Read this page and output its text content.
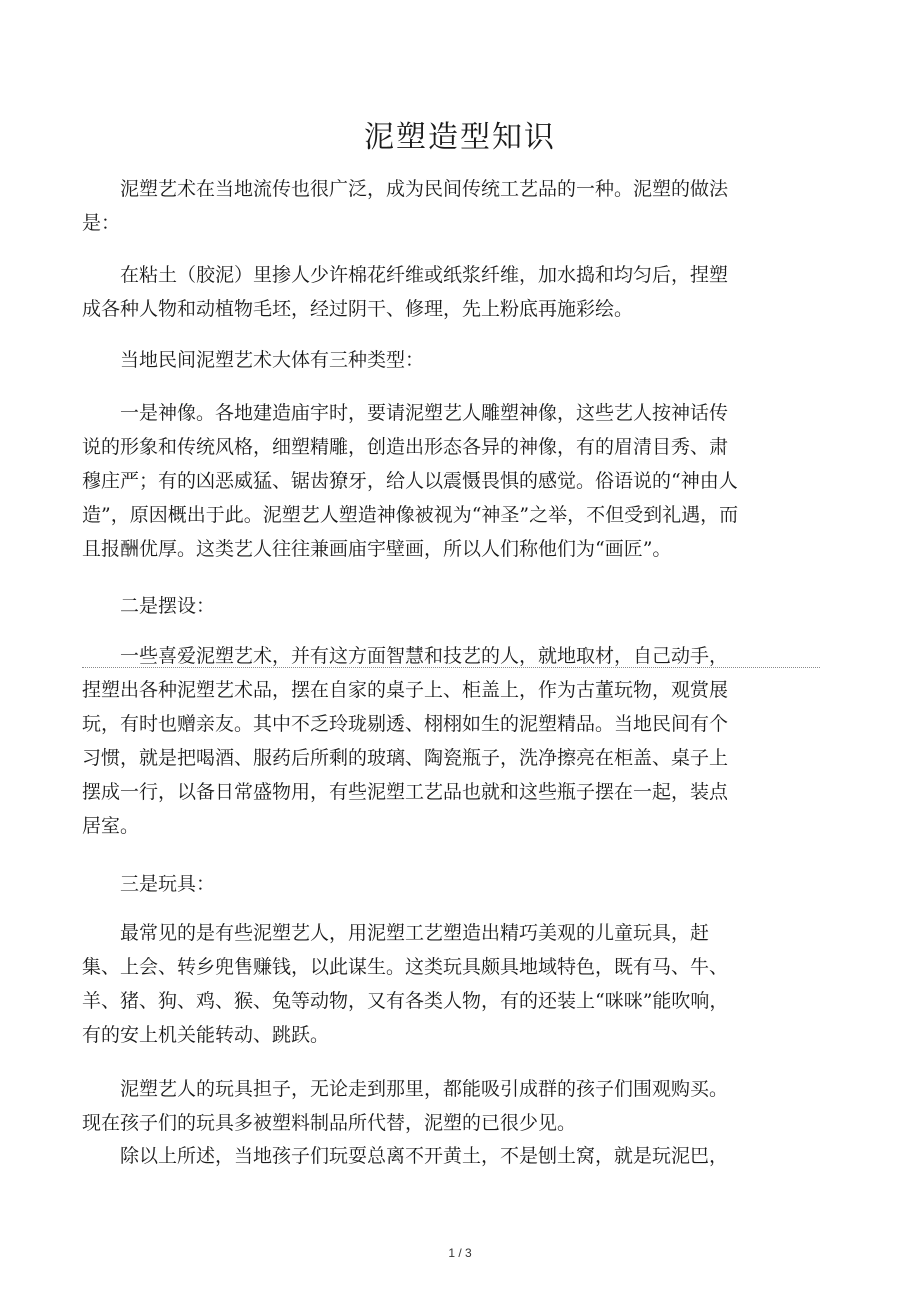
泥塑造型知识

　　泥塑艺术在当地流传也很广泛，成为民间传统工艺品的一种。泥塑的做法
是：

　　在粘土（胶泥）里掺人少许棉花纤维或纸浆纤维，加水捣和均匀后，捏塑
成各种人物和动植物毛坯，经过阴干、修理，先上粉底再施彩绘。

　　当地民间泥塑艺术大体有三种类型：

　　一是神像。各地建造庙宇时，要请泥塑艺人雕塑神像，这些艺人按神话传
说的形象和传统风格，细塑精雕，创造出形态各异的神像，有的眉清目秀、肃
穆庄严；有的凶恶威猛、锯齿獠牙，给人以震慑畏惧的感觉。俗语说的“神由人
造”，原因概出于此。泥塑艺人塑造神像被视为“神圣”之举，不但受到礼遇，而
且报酬优厚。这类艺人往往兼画庙宇壁画，所以人们称他们为“画匠”。

　　二是摆设：

　　一些喜爱泥塑艺术，并有这方面智慧和技艺的人，就地取材，自己动手，
捏塑出各种泥塑艺术品，摆在自家的桌子上、柜盖上，作为古董玩物，观赏展
玩，有时也赠亲友。其中不乏玲珑剔透、栩栩如生的泥塑精品。当地民间有个
习惯，就是把喝酒、服药后所剩的玻璃、陶瓷瓶子，洗净擦亮在柜盖、桌子上
摆成一行，以备日常盛物用，有些泥塑工艺品也就和这些瓶子摆在一起，装点
居室。

　　三是玩具：

　　最常见的是有些泥塑艺人，用泥塑工艺塑造出精巧美观的儿童玩具，赶
集、上会、转乡兜售赚钱，以此谋生。这类玩具颇具地域特色，既有马、牛、
羊、猪、狗、鸡、猴、兔等动物，又有各类人物，有的还装上“咪咪”能吹响，
有的安上机关能转动、跳跃。

　　泥塑艺人的玩具担子，无论走到那里，都能吸引成群的孩子们围观购买。
现在孩子们的玩具多被塑料制品所代替，泥塑的已很少见。

　　除以上所述，当地孩子们玩耍总离不开黄土，不是刨土窝，就是玩泥巴，

1 / 3
